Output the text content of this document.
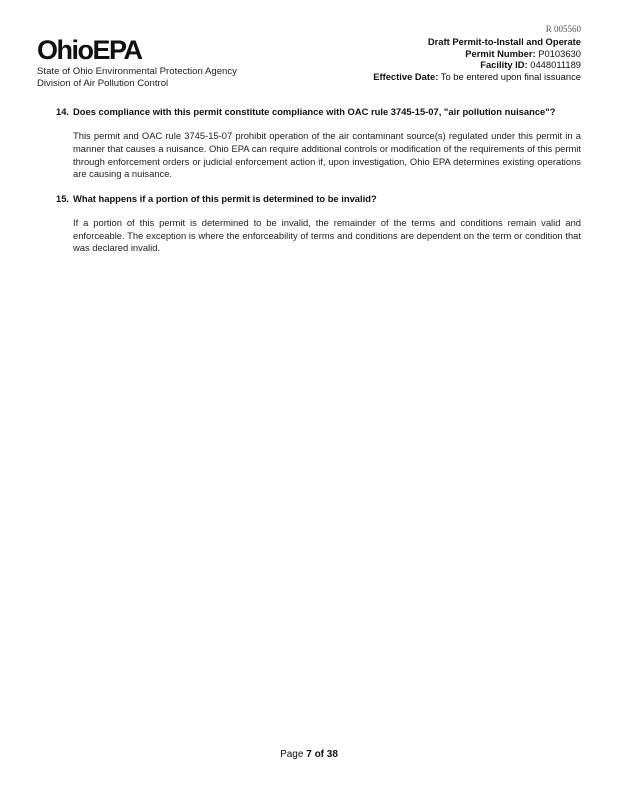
OhioEPA
State of Ohio Environmental Protection Agency
Division of Air Pollution Control
R 005560
Draft Permit-to-Install and Operate
Permit Number: P0103630
Facility ID: 0448011189
Effective Date: To be entered upon final issuance
14. Does compliance with this permit constitute compliance with OAC rule 3745-15-07, "air pollution nuisance"?
This permit and OAC rule 3745-15-07 prohibit operation of the air contaminant source(s) regulated under this permit in a manner that causes a nuisance. Ohio EPA can require additional controls or modification of the requirements of this permit through enforcement orders or judicial enforcement action if, upon investigation, Ohio EPA determines existing operations are causing a nuisance.
15. What happens if a portion of this permit is determined to be invalid?
If a portion of this permit is determined to be invalid, the remainder of the terms and conditions remain valid and enforceable. The exception is where the enforceability of terms and conditions are dependent on the term or condition that was declared invalid.
Page 7 of 38
